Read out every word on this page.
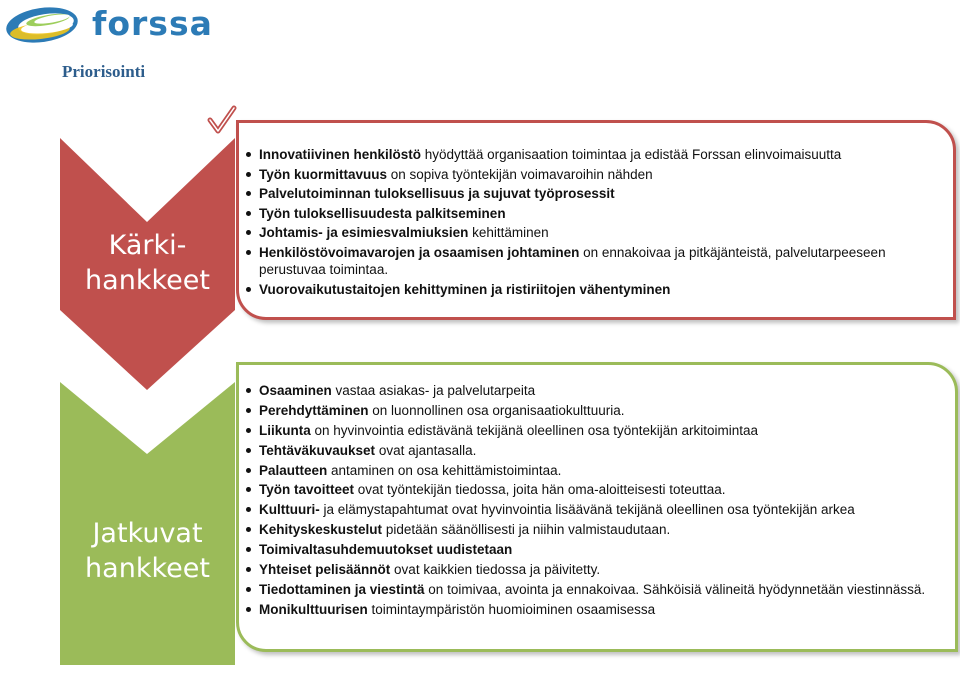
forssa
Priorisointi
Kärki-
hankkeet
Jatkuvat
hankkeet
Innovatiivinen henkilöstö hyödyttää organisaation toimintaa ja edistää Forssan elinvoimaisuutta
Työn kuormittavuus on sopiva työntekijän voimavaroihin nähden
Palvelutoiminnan tuloksellisuus ja sujuvat työprosessit
Työn tuloksellisuudesta palkitseminen
Johtamis- ja esimiesvalmiuksien kehittäminen
Henkilöstövoimavarojen ja osaamisen johtaminen on ennakoivaa ja pitkäjänteistä, palvelutarpeeseen perustuvaa toimintaa.
Vuorovaikutustaitojen kehittyminen ja ristiriitojen vähentyminen
Osaaminen vastaa asiakas- ja palvelutarpeita
Perehdyttäminen on luonnollinen osa organisaatiokulttuuria.
Liikunta on hyvinvointia edistävänä tekijänä oleellinen osa työntekijän arkitoimintaa
Tehtäväkuvaukset ovat ajantasalla.
Palautteen antaminen on osa kehittämistoimintaa.
Työn tavoitteet ovat työntekijän tiedossa, joita hän oma-aloitteisesti toteuttaa.
Kulttuuri- ja elämystapahtumat ovat hyvinvointia lisäävänä tekijänä oleellinen osa työntekijän arkea
Kehityskeskustelut pidetään säänöllisesti ja niihin valmistaudutaan.
Toimivaltasuhdemuutokset uudistetaan
Yhteiset pelisäännöt ovat kaikkien tiedossa ja päivitetty.
Tiedottaminen ja viestintä on toimivaa, avointa ja ennakoivaa. Sähköisiä välineitä hyödynnetään viestinnässä.
Monikulttuurisen toimintaympäristön huomioiminen osaamisessa
